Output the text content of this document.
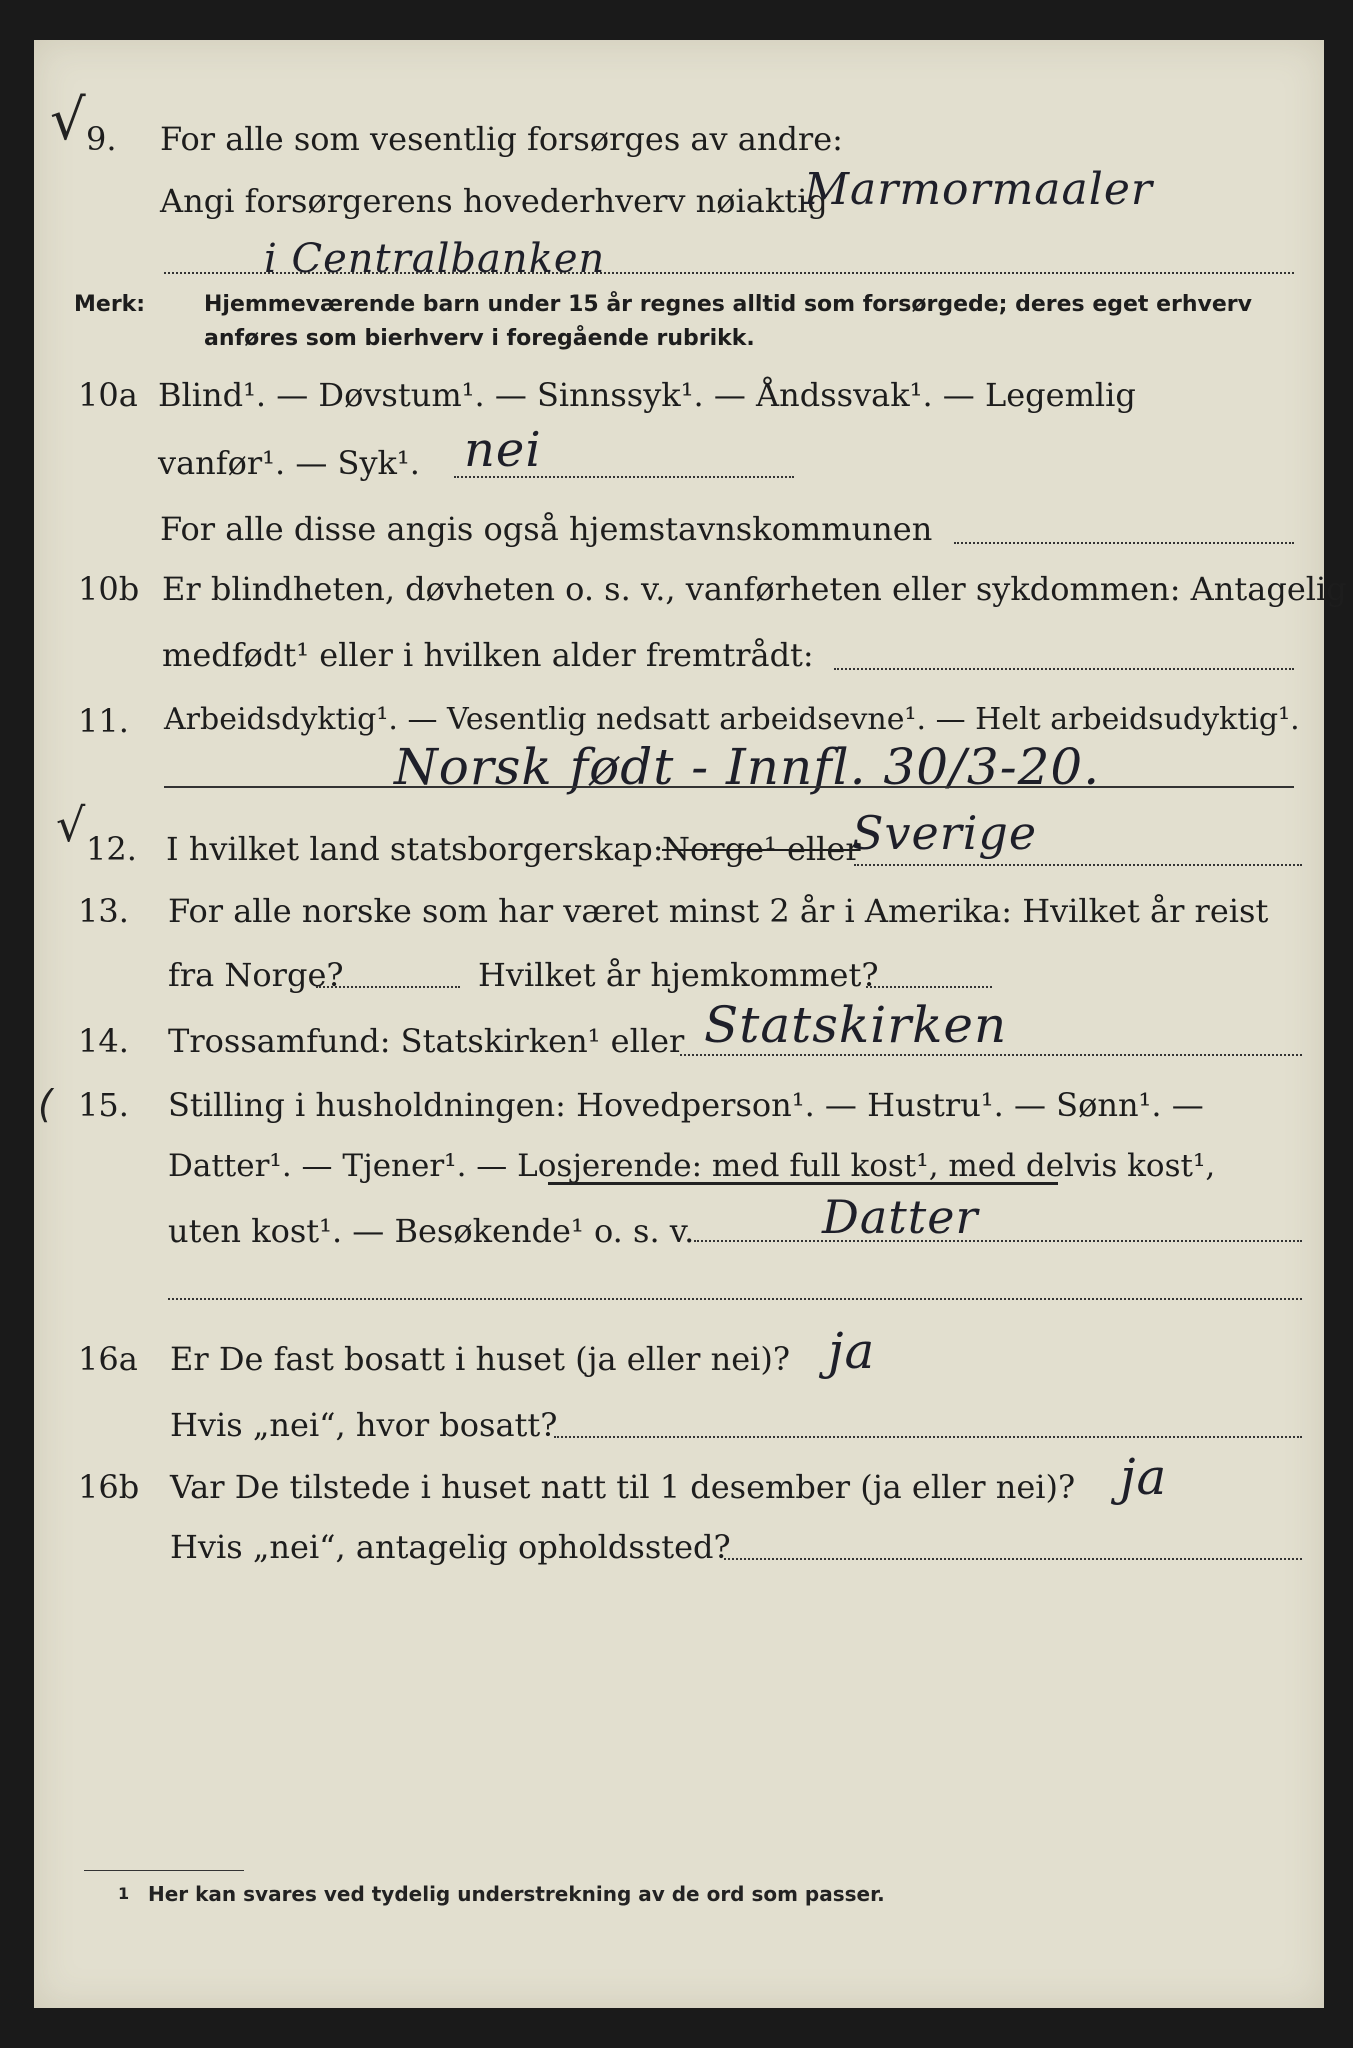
√ 9. For alle som vesentlig forsørges av andre:
Angi forsørgerens hovederhverv nøiaktig
Marmormaaler
i Centralbanken
Merk:	Hjemmeværende barn under 15 år regnes alltid som forsørgede; deres eget erhverv
anføres som bierhverv i foregående rubrikk.
10a Blind¹. — Døvstum¹. — Sinnssyk¹. — Åndssvak¹. — Legemlig
vanfør¹. — Syk¹. nei
For alle disse angis også hjemstavnskommunen
10b Er blindheten, døvheten o. s. v., vanførheten eller sykdommen: Antagelig
medfødt¹ eller i hvilken alder fremtrådt:
11. Arbeidsdyktig¹. — Vesentlig nedsatt arbeidsevne¹. — Helt arbeidsudyktig¹.
Norsk født - Innfl. 30/3-20.
√ 12. I hvilket land statsborgerskap:
Norge¹ eller
Sverige
13. For alle norske som har været minst 2 år i Amerika: Hvilket år reist
fra Norge?	Hvilket år hjemkommet?
14. Trossamfund: Statskirken¹ eller Statskirken
( 15. Stilling i husholdningen: Hovedperson¹. — Hustru¹. — Sønn¹. —
Datter¹. — Tjener¹. — Losjerende: med full kost¹, med delvis kost¹,
uten kost¹. — Besøkende¹ o. s. v.	Datter
16a Er De fast bosatt i huset (ja eller nei)? ja
Hvis „nei“, hvor bosatt?
16b Var De tilstede i huset natt til 1 desember (ja eller nei)? ja
Hvis „nei“, antagelig opholdssted?
1 Her kan svares ved tydelig understrekning av de ord som passer.
